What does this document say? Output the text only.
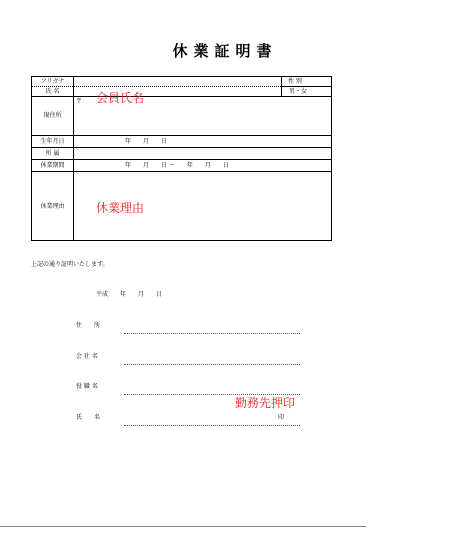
休業証明書
フリガナ	性 別
氏 名	会員氏名	男・女
現住所
〒
生年月日	年　　月　　日
所 属
休業期間	年　　月　　日 ～　　年　　月　　日
休業理由	休業理由
上記の通り証明いたします。
平成　　年　　月　　日
住　　所
会 社 名
役 職 名
勤務先押印
氏　　名	印
